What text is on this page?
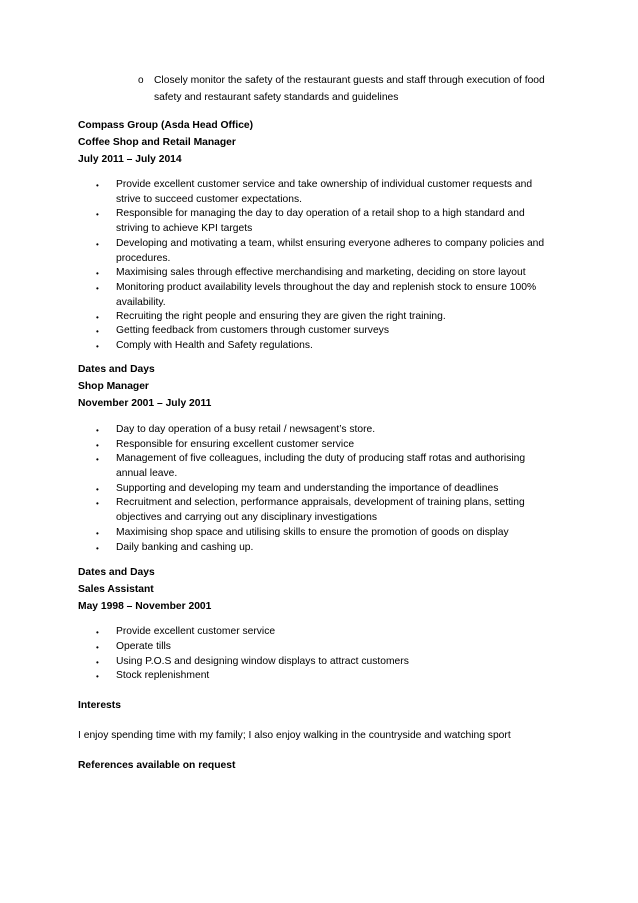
o Closely monitor the safety of the restaurant guests and staff through execution of food safety and restaurant safety standards and guidelines
Compass Group (Asda Head Office)
Coffee Shop and Retail Manager
July 2011 – July 2014
•	Provide excellent customer service and take ownership of individual customer requests and strive to succeed customer expectations.
•	Responsible for managing the day to day operation of a retail shop to a high standard and striving to achieve KPI targets
•	Developing and motivating a team, whilst ensuring everyone adheres to company policies and procedures.
•	Maximising sales through effective merchandising and marketing, deciding on store layout
•	Monitoring product availability levels throughout the day and replenish stock to ensure 100% availability.
•	Recruiting the right people and ensuring they are given the right training.
•	Getting feedback from customers through customer surveys
•	Comply with Health and Safety regulations.
Dates and Days
Shop Manager
November 2001 – July 2011
•	Day to day operation of a busy retail / newsagent’s store.
•	Responsible for ensuring excellent customer service
•	Management of five colleagues, including the duty of producing staff rotas and authorising annual leave.
•	Supporting and developing my team and understanding the importance of deadlines
•	Recruitment and selection, performance appraisals, development of training plans, setting objectives and carrying out any disciplinary investigations
•	Maximising shop space and utilising skills to ensure the promotion of goods on display
•	Daily banking and cashing up.
Dates and Days
Sales Assistant
May 1998 – November 2001
•	Provide excellent customer service
•	Operate tills
•	Using P.O.S and designing window displays to attract customers
•	Stock replenishment
Interests
I enjoy spending time with my family; I also enjoy walking in the countryside and watching sport
References available on request
